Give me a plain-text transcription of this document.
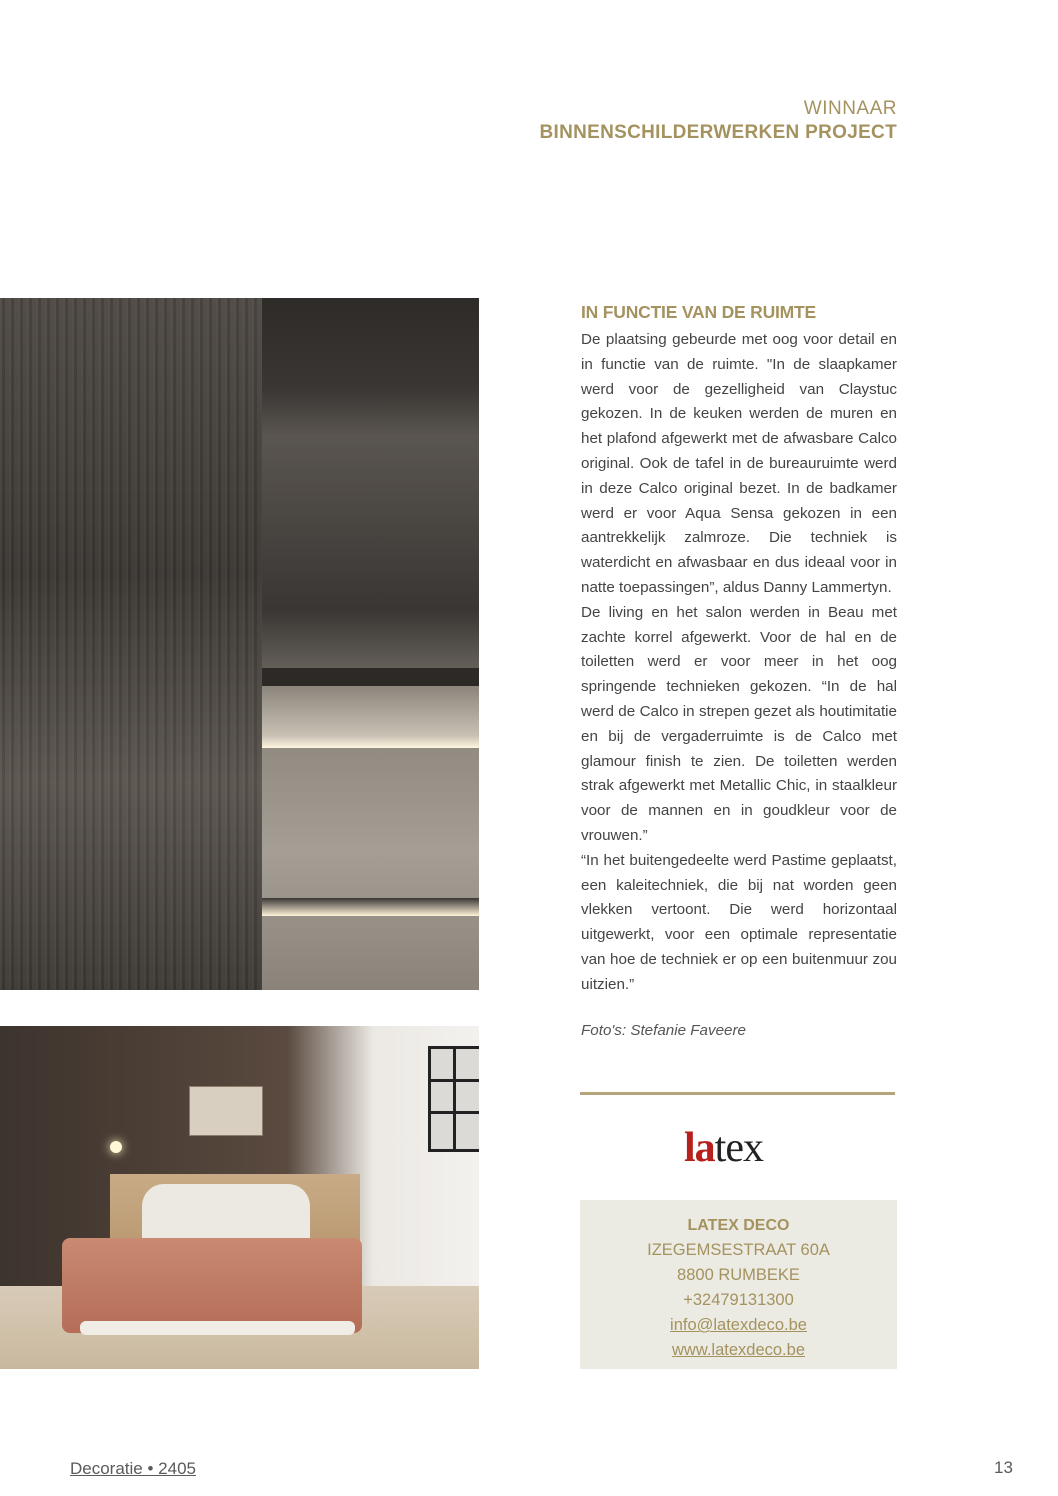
WINNAAR
BINNENSCHILDERWERKEN PROJECT
IN FUNCTIE VAN DE RUIMTE

De plaatsing gebeurde met oog voor detail en in functie van de ruimte. "In de slaapkamer werd voor de gezelligheid van Claystuc gekozen. In de keuken werden de muren en het plafond afgewerkt met de afwasbare Calco original. Ook de tafel in de bureauruimte werd in deze Calco original bezet. In de badkamer werd er voor Aqua Sensa gekozen in een aantrekkelijk zalmroze. Die techniek is waterdicht en afwasbaar en dus ideaal voor in natte toepassingen”, aldus Danny Lammertyn.

De living en het salon werden in Beau met zachte korrel afgewerkt. Voor de hal en de toiletten werd er voor meer in het oog springende technieken gekozen. “In de hal werd de Calco in strepen gezet als houtimitatie en bij de vergaderruimte is de Calco met glamour finish te zien. De toiletten werden strak afgewerkt met Metallic Chic, in staalkleur voor de mannen en in goudkleur voor de vrouwen.”

“In het buitengedeelte werd Pastime geplaatst, een kaleitechniek, die bij nat worden geen vlekken vertoont. Die werd horizontaal uitgewerkt, voor een optimale representatie van hoe de techniek er op een buitenmuur zou uitzien.”

Foto's: Stefanie Faveere
latex
LATEX DECO
IZEGEMSESTRAAT 60A
8800 RUMBEKE
+32479131300
info@latexdeco.be
www.latexdeco.be
Decoratie • 2405	13
